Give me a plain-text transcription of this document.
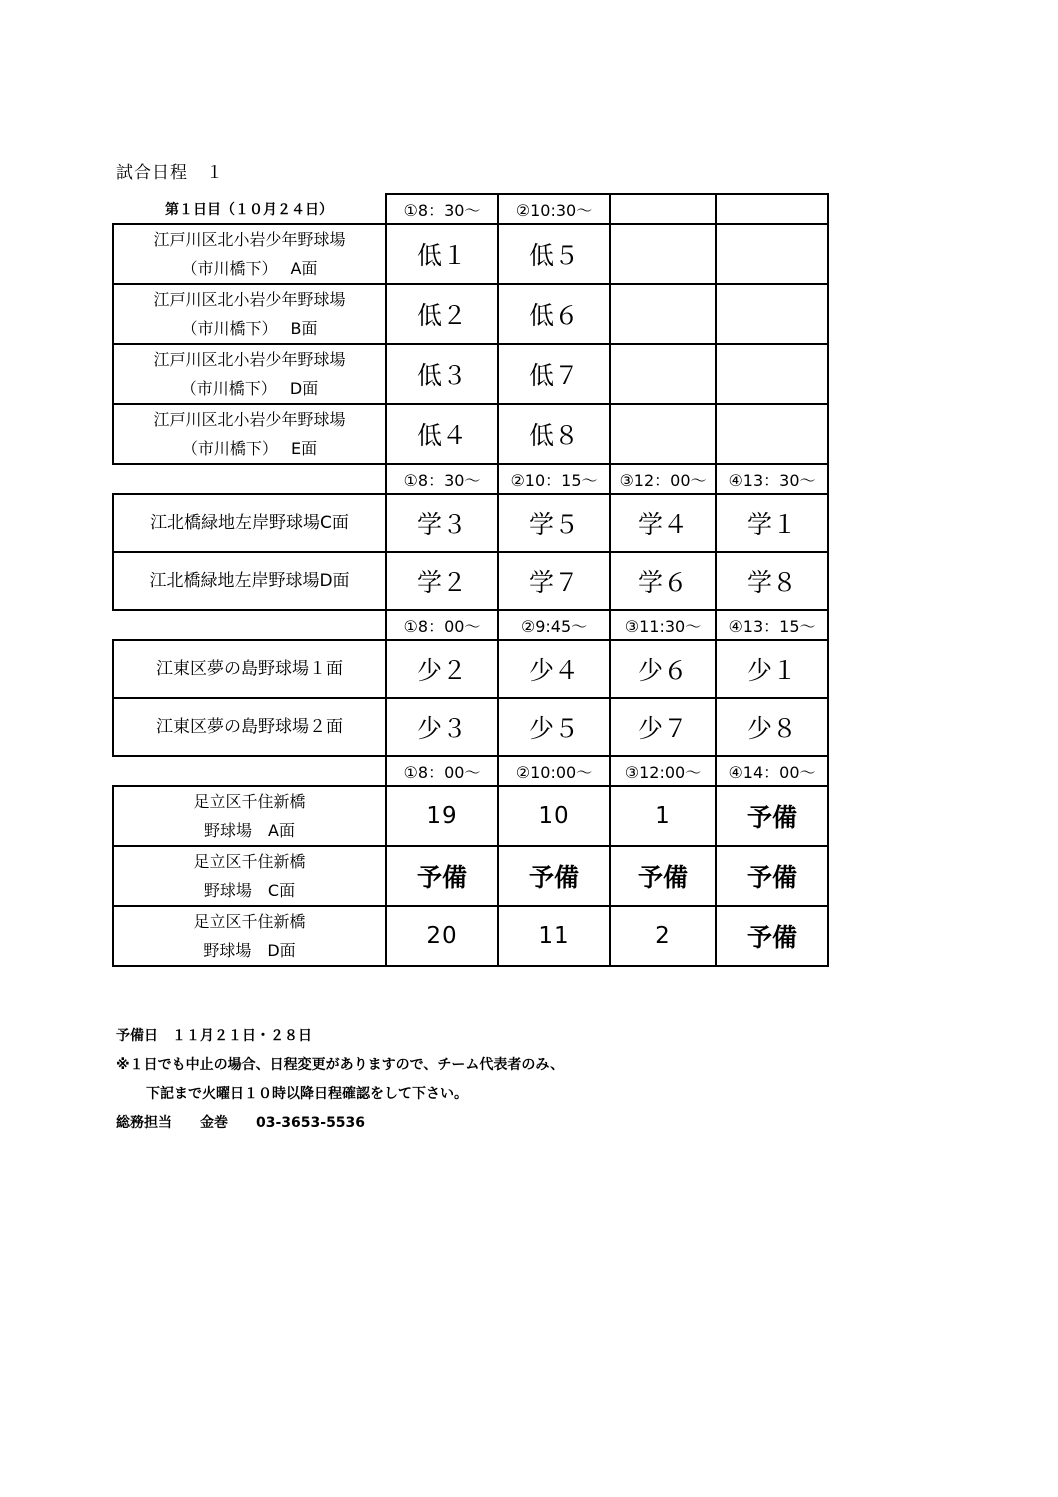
試合日程　１
第１日目（１０月２４日）	①8：30～	②10:30～		

江戸川区北小岩少年野球場
（市川橋下）　 A面	低１	低５		

江戸川区北小岩少年野球場
（市川橋下）　 B面	低２	低６		

江戸川区北小岩少年野球場
（市川橋下）　 D面	低３	低７		

江戸川区北小岩少年野球場
（市川橋下）　 E面	低４	低８		
	①8：30～	②10：15～	③12：00～	④13：30～
江北橋緑地左岸野球場C面	学３	学５	学４	学１
江北橋緑地左岸野球場D面	学２	学７	学６	学８
	①8：00～	②9:45～	③11:30～	④13：15～
江東区夢の島野球場１面	少２	少４	少６	少１
江東区夢の島野球場２面	少３	少５	少７	少８
	①8：00～	②10:00～	③12:00～	④14：00～

足立区千住新橋
野球場　A面	19	10	1	予備

足立区千住新橋
野球場　C面	予備	予備	予備	予備

足立区千住新橋
野球場　D面	20	11	2	予備
予備日　１１月２１日・２８日
※１日でも中止の場合、日程変更がありますので、チーム代表者のみ、
下記まで火曜日１０時以降日程確認をして下さい。
総務担当　　金巻　　03-3653-5536
